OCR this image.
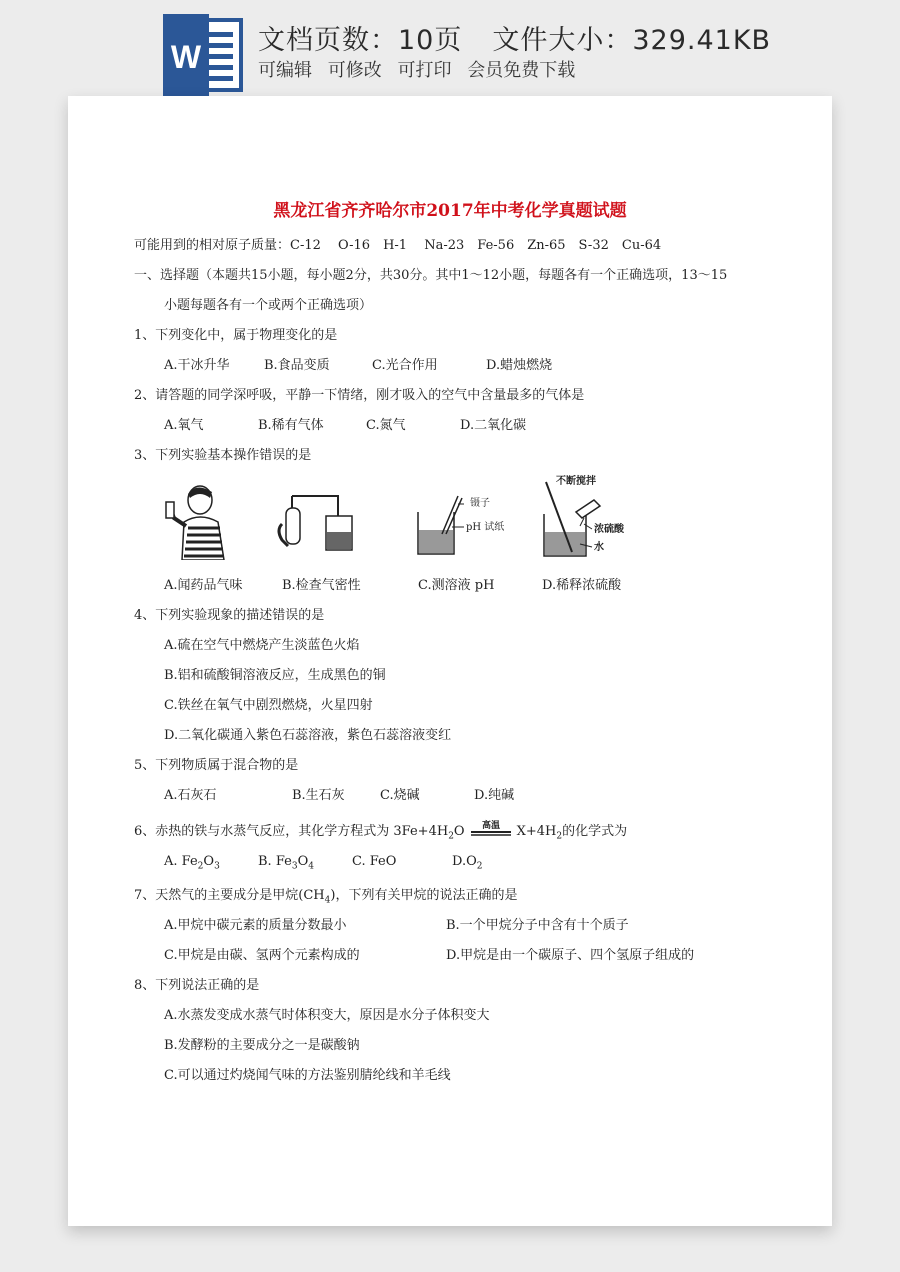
W 文档页数：10页 文件大小：329.41KB
可编辑 可修改 可打印 会员免费下载
黑龙江省齐齐哈尔市2017年中考化学真题试题
可能用到的相对原子质量：C-12　 O-16　H-1　 Na-23　Fe-56　Zn-65　S-32　Cu-64
一、选择题（本题共15小题，每小题2分，共30分。其中1～12小题，每题各有一个正确选项，13～15
小题每题各有一个或两个正确选项）
1、下列变化中，属于物理变化的是
A.干冰升华	B.食品变质	C.光合作用	D.蜡烛燃烧
2、请答题的同学深呼吸，平静一下情绪，刚才吸入的空气中含量最多的气体是
A.氧气	B.稀有气体	C.氮气	D.二氧化碳
3、下列实验基本操作错误的是
镊子
pH 试纸
不断搅拌
浓硫酸
水
A.闻药品气味	B.检查气密性	C.测溶液 pH	D.稀释浓硫酸
4、下列实验现象的描述错误的是
A.硫在空气中燃烧产生淡蓝色火焰
B.铝和硫酸铜溶液反应，生成黑色的铜
C.铁丝在氧气中剧烈燃烧，火星四射
D.二氧化碳通入紫色石蕊溶液，紫色石蕊溶液变红
5、下列物质属于混合物的是
A.石灰石	B.生石灰	C.烧碱	D.纯碱
6、赤热的铁与水蒸气反应，其化学方程式为 $3Fe+4H_2O$ 高温 $X+4H_2$的化学式为
A. $Fe_2O_3$	B. $Fe_3O_4$	C. FeO	$D.O_2$
7、天然气的主要成分是甲烷$(CH_4)$，下列有关甲烷的说法正确的是
A.甲烷中碳元素的质量分数最小	B.一个甲烷分子中含有十个质子
C.甲烷是由碳、氢两个元素构成的	D.甲烷是由一个碳原子、四个氢原子组成的
8、下列说法正确的是
A.水蒸发变成水蒸气时体积变大，原因是水分子体积变大
B.发酵粉的主要成分之一是碳酸钠
C.可以通过灼烧闻气味的方法鉴别腈纶线和羊毛线
